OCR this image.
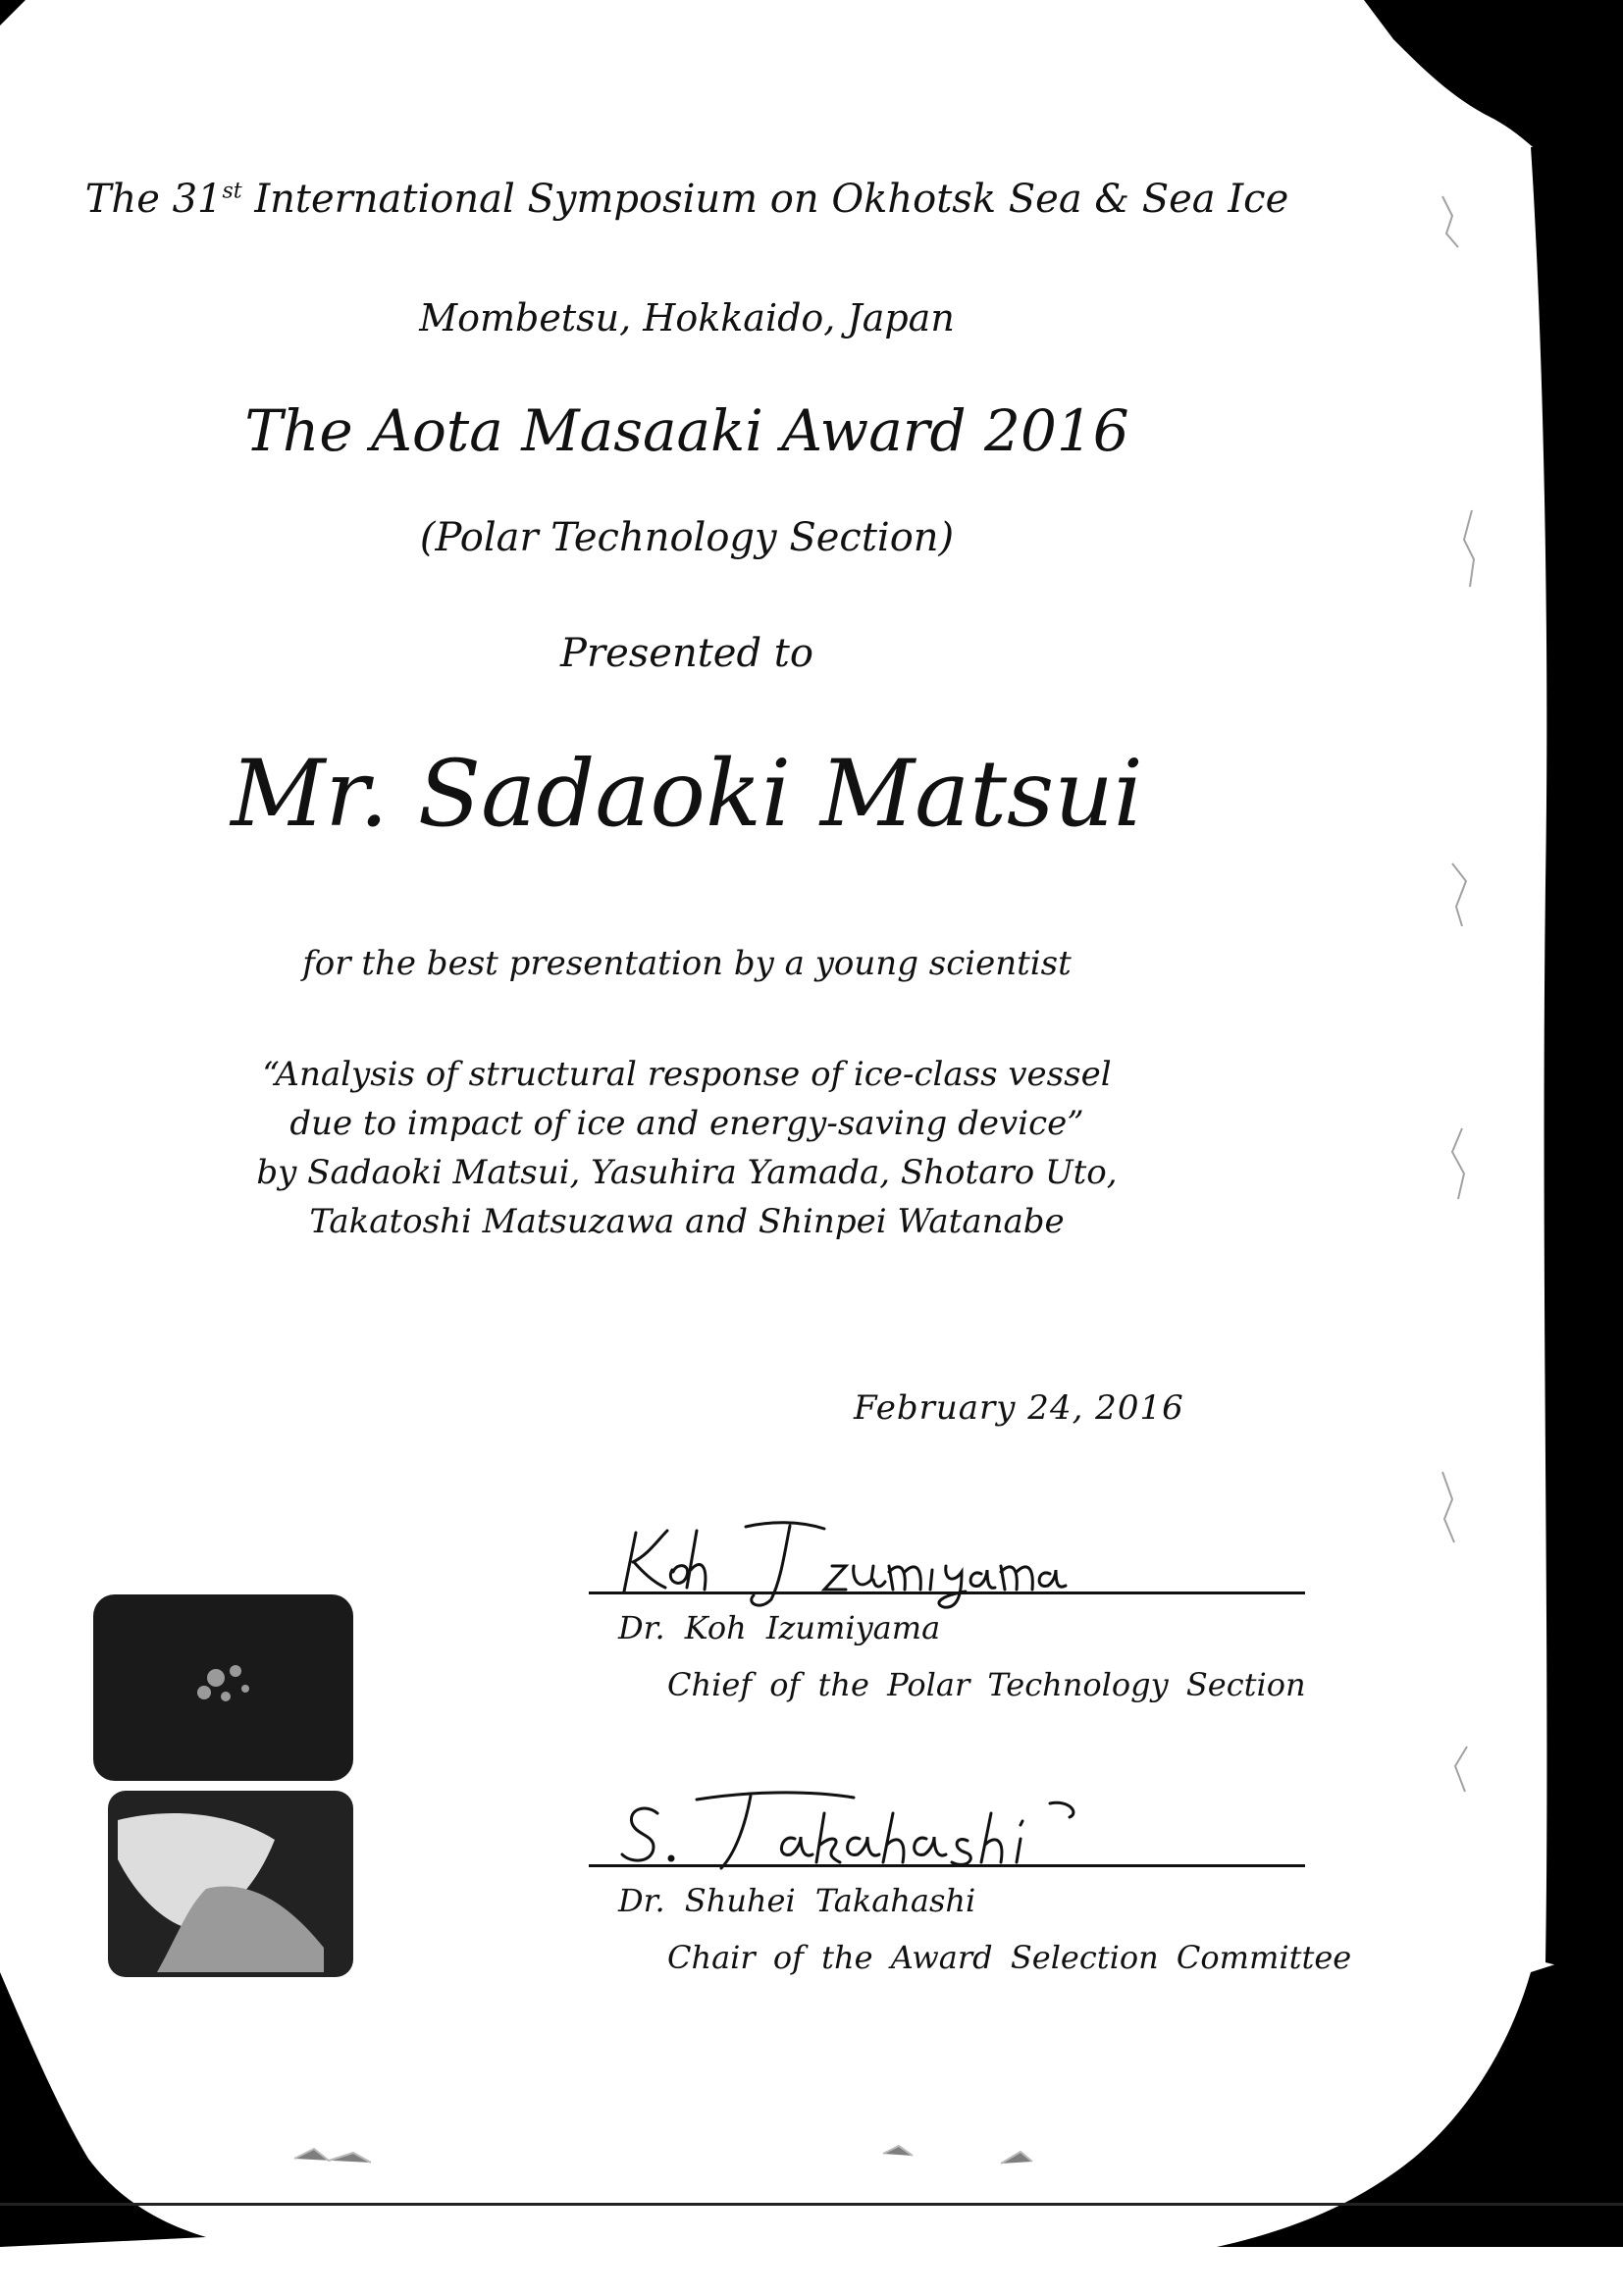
The 31st International Symposium on Okhotsk Sea & Sea Ice
Mombetsu, Hokkaido, Japan
The Aota Masaaki Award 2016
(Polar Technology Section)
Presented to
Mr. Sadaoki Matsui
for the best presentation by a young scientist
“Analysis of structural response of ice-class vessel
due to impact of ice and energy-saving device”
by Sadaoki Matsui, Yasuhira Yamada, Shotaro Uto,
Takatoshi Matsuzawa and Shinpei Watanabe
February 24, 2016
Dr. Koh Izumiyama
Chief of the Polar Technology Section
Dr. Shuhei Takahashi
Chair of the Award Selection Committee
